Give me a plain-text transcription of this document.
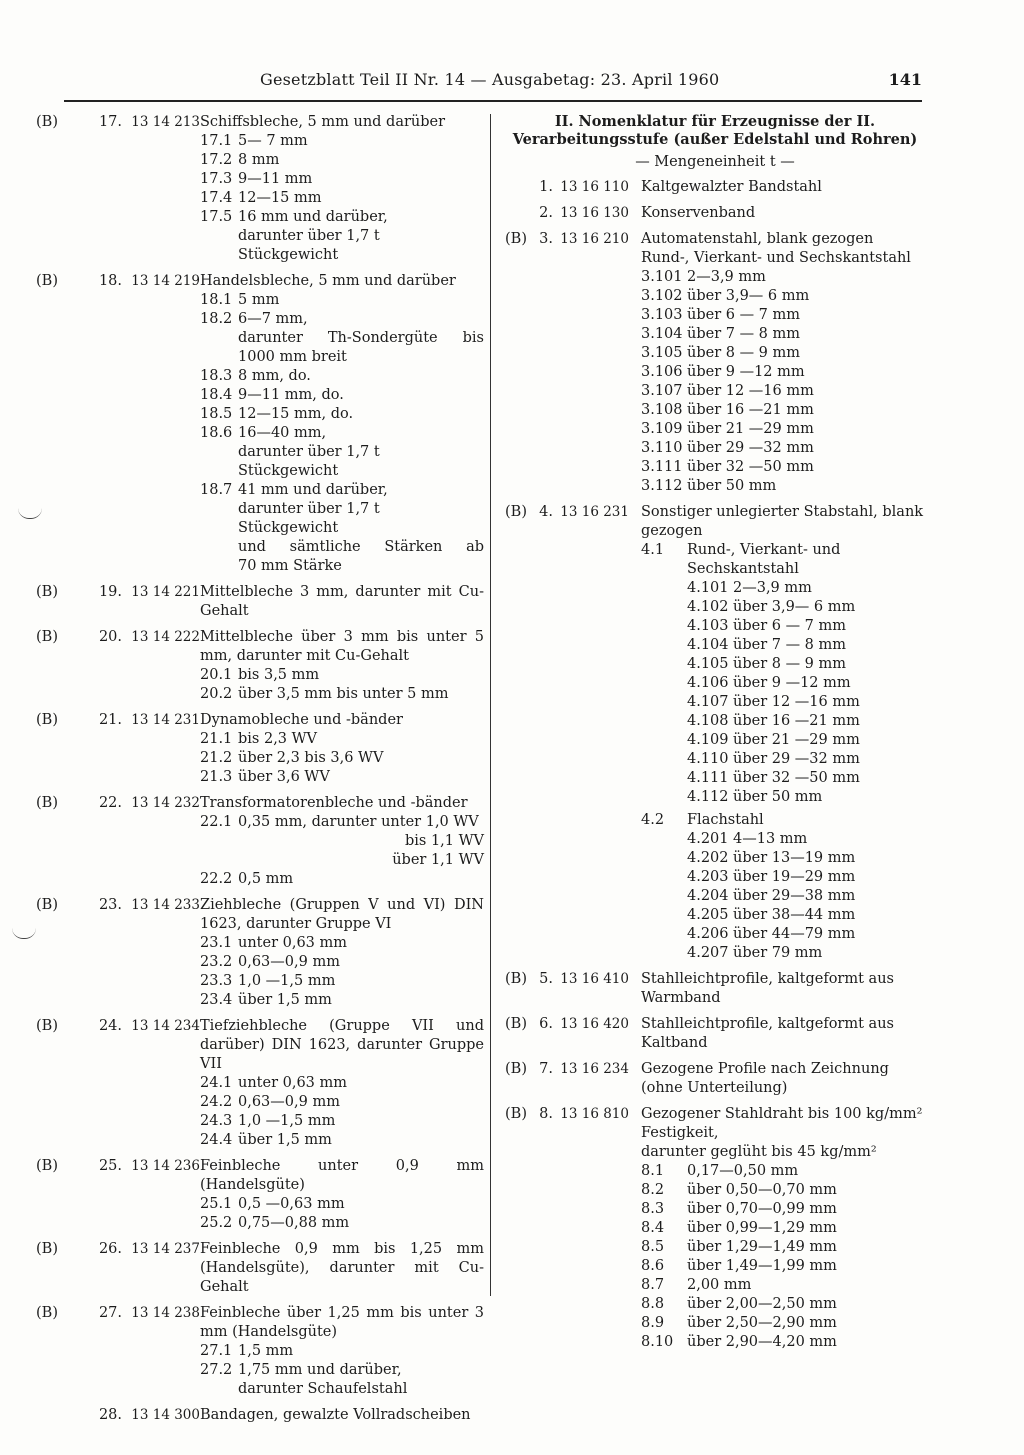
Gesetzblatt Teil II Nr. 14 — Ausgabetag: 23. April 1960	141
(B)	17. 13 14 213 Schiffsbleche, 5 mm und darüber
17.1 5— 7 mm
17.2 8 mm
17.3 9—11 mm
17.4 12—15 mm
17.5 16 mm und darüber,
darunter über 1,7 t Stückgewicht
(B)	18. 13 14 219 Handelsbleche, 5 mm und darüber
18.1 5 mm
18.2 6—7 mm,
darunter Th-Sondergüte bis
1000 mm breit
18.3 8 mm, do.
18.4 9—11 mm, do.
18.5 12—15 mm, do.
18.6 16—40 mm,
darunter über 1,7 t Stückgewicht
18.7 41 mm und darüber,
darunter über 1,7 t Stückgewicht
und sämtliche Stärken ab
70 mm Stärke
(B)	19. 13 14 221 Mittelbleche 3 mm, darunter mit Cu-Gehalt
(B)	20. 13 14 222 Mittelbleche über 3 mm bis unter 5 mm, darunter mit Cu-Gehalt
20.1 bis 3,5 mm
20.2 über 3,5 mm bis unter 5 mm
(B)	21. 13 14 231 Dynamobleche und -bänder
21.1 bis 2,3 WV
21.2 über 2,3 bis 3,6 WV
21.3 über 3,6 WV
(B)	22. 13 14 232 Transformatorenbleche und -bänder
22.1 0,35 mm, darunter unter 1,0 WV
bis 1,1 WV
über 1,1 WV
22.2 0,5 mm
(B)	23. 13 14 233 Ziehbleche (Gruppen V und VI) DIN 1623, darunter Gruppe VI
23.1 unter 0,63 mm
23.2 0,63—0,9 mm
23.3 1,0 —1,5 mm
23.4 über 1,5 mm
(B)	24. 13 14 234 Tiefziehbleche (Gruppe VII und darüber) DIN 1623, darunter Gruppe VII
24.1 unter 0,63 mm
24.2 0,63—0,9 mm
24.3 1,0 —1,5 mm
24.4 über 1,5 mm
(B)	25. 13 14 236 Feinbleche unter 0,9 mm (Handelsgüte)
25.1 0,5 —0,63 mm
25.2 0,75—0,88 mm
(B)	26. 13 14 237 Feinbleche 0,9 mm bis 1,25 mm (Handelsgüte), darunter mit Cu-Gehalt
(B)	27. 13 14 238 Feinbleche über 1,25 mm bis unter 3 mm (Handelsgüte)
27.1 1,5 mm
27.2 1,75 mm und darüber,
darunter Schaufelstahl
28. 13 14 300 Bandagen, gewalzte Vollradscheiben
II. Nomenklatur für Erzeugnisse der II. Verarbeitungsstufe (außer Edelstahl und Rohren)
— Mengeneinheit t —
1. 13 16 110 Kaltgewalzter Bandstahl
2. 13 16 130 Konservenband
(B) 3. 13 16 210 Automatenstahl, blank gezogen Rund-, Vierkant- und Sechskantstahl
3.101 2—3,9 mm
3.102 über 3,9— 6 mm
3.103 über 6 — 7 mm
3.104 über 7 — 8 mm
3.105 über 8 — 9 mm
3.106 über 9 —12 mm
3.107 über 12 —16 mm
3.108 über 16 —21 mm
3.109 über 21 —29 mm
3.110 über 29 —32 mm
3.111 über 32 —50 mm
3.112 über 50 mm
(B) 4. 13 16 231 Sonstiger unlegierter Stabstahl, blank gezogen
4.1	Rund-, Vierkant- und Sechskantstahl
4.101 2—3,9 mm
4.102 über 3,9— 6 mm
4.103 über 6 — 7 mm
4.104 über 7 — 8 mm
4.105 über 8 — 9 mm
4.106 über 9 —12 mm
4.107 über 12 —16 mm
4.108 über 16 —21 mm
4.109 über 21 —29 mm
4.110 über 29 —32 mm
4.111 über 32 —50 mm
4.112 über 50 mm
4.2	Flachstahl
4.201 4—13 mm
4.202 über 13—19 mm
4.203 über 19—29 mm
4.204 über 29—38 mm
4.205 über 38—44 mm
4.206 über 44—79 mm
4.207 über 79 mm
(B) 5. 13 16 410 Stahlleichtprofile, kaltgeformt aus Warmband
(B) 6. 13 16 420 Stahlleichtprofile, kaltgeformt aus Kaltband
(B) 7. 13 16 234 Gezogene Profile nach Zeichnung (ohne Unterteilung)
(B) 8. 13 16 810 Gezogener Stahldraht bis 100 kg/mm² Festigkeit,
darunter geglüht bis 45 kg/mm²
8.1	0,17—0,50 mm
8.2	über 0,50—0,70 mm
8.3	über 0,70—0,99 mm
8.4	über 0,99—1,29 mm
8.5	über 1,29—1,49 mm
8.6	über 1,49—1,99 mm
8.7	2,00 mm
8.8	über 2,00—2,50 mm
8.9	über 2,50—2,90 mm
8.10 über 2,90—4,20 mm
